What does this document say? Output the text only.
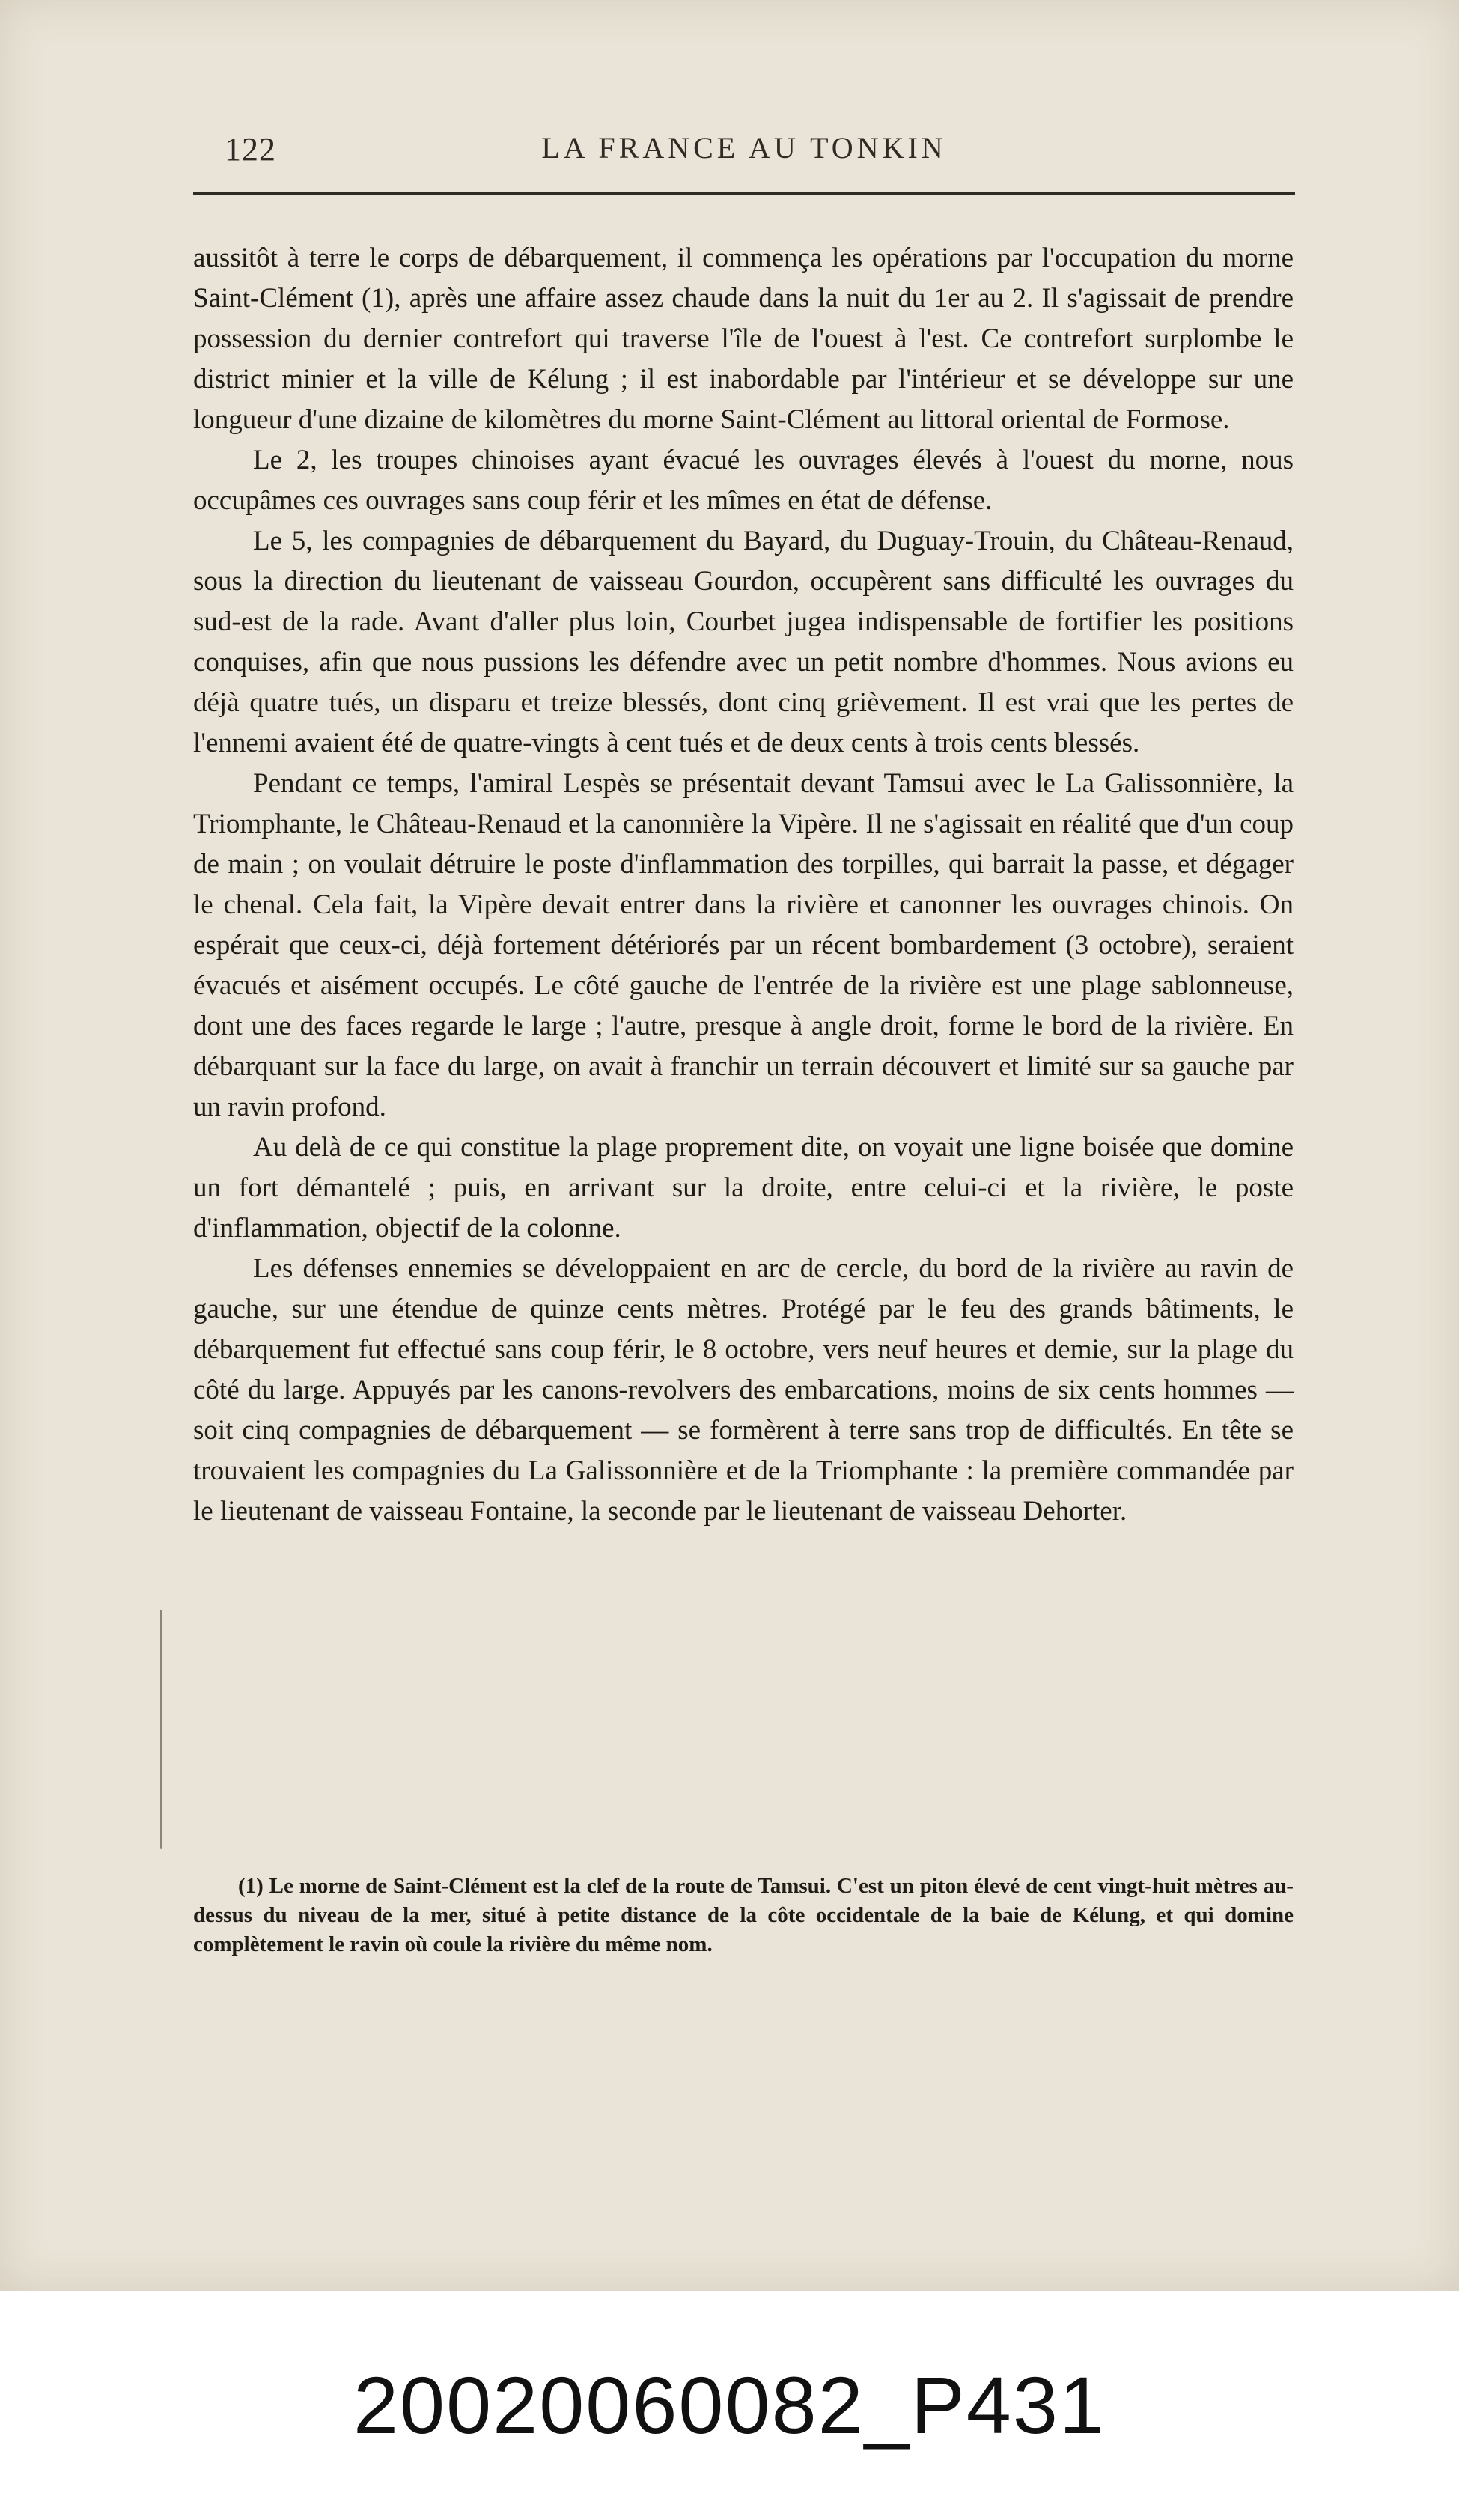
122	LA FRANCE AU TONKIN

aussitôt à terre le corps de débarquement, il commença les opérations par l'occupation du morne Saint-Clément (1), après une affaire assez chaude dans la nuit du 1er au 2. Il s'agissait de prendre possession du dernier contrefort qui traverse l'île de l'ouest à l'est. Ce contrefort surplombe le district minier et la ville de Kélung ; il est inabordable par l'intérieur et se développe sur une longueur d'une dizaine de kilomètres du morne Saint-Clément au littoral oriental de Formose.

Le 2, les troupes chinoises ayant évacué les ouvrages élevés à l'ouest du morne, nous occupâmes ces ouvrages sans coup férir et les mîmes en état de défense.

Le 5, les compagnies de débarquement du Bayard, du Duguay-Trouin, du Château-Renaud, sous la direction du lieutenant de vaisseau Gourdon, occupèrent sans difficulté les ouvrages du sud-est de la rade. Avant d'aller plus loin, Courbet jugea indispensable de fortifier les positions conquises, afin que nous pussions les défendre avec un petit nombre d'hommes. Nous avions eu déjà quatre tués, un disparu et treize blessés, dont cinq grièvement. Il est vrai que les pertes de l'ennemi avaient été de quatre-vingts à cent tués et de deux cents à trois cents blessés.

Pendant ce temps, l'amiral Lespès se présentait devant Tamsui avec le La Galissonnière, la Triomphante, le Château-Renaud et la canonnière la Vipère. Il ne s'agissait en réalité que d'un coup de main ; on voulait détruire le poste d'inflammation des torpilles, qui barrait la passe, et dégager le chenal. Cela fait, la Vipère devait entrer dans la rivière et canonner les ouvrages chinois. On espérait que ceux-ci, déjà fortement détériorés par un récent bombardement (3 octobre), seraient évacués et aisément occupés. Le côté gauche de l'entrée de la rivière est une plage sablonneuse, dont une des faces regarde le large ; l'autre, presque à angle droit, forme le bord de la rivière. En débarquant sur la face du large, on avait à franchir un terrain découvert et limité sur sa gauche par un ravin profond.

Au delà de ce qui constitue la plage proprement dite, on voyait une ligne boisée que domine un fort démantelé ; puis, en arrivant sur la droite, entre celui-ci et la rivière, le poste d'inflammation, objectif de la colonne.

Les défenses ennemies se développaient en arc de cercle, du bord de la rivière au ravin de gauche, sur une étendue de quinze cents mètres. Protégé par le feu des grands bâtiments, le débarquement fut effectué sans coup férir, le 8 octobre, vers neuf heures et demie, sur la plage du côté du large. Appuyés par les canons-revolvers des embarcations, moins de six cents hommes — soit cinq compagnies de débarquement — se formèrent à terre sans trop de difficultés. En tête se trouvaient les compagnies du La Galissonnière et de la Triomphante : la première commandée par le lieutenant de vaisseau Fontaine, la seconde par le lieutenant de vaisseau Dehorter.

(1) Le morne de Saint-Clément est la clef de la route de Tamsui. C'est un piton élevé de cent vingt-huit mètres au-dessus du niveau de la mer, situé à petite distance de la côte occidentale de la baie de Kélung, et qui domine complètement le ravin où coule la rivière du même nom.

20020060082_P431
